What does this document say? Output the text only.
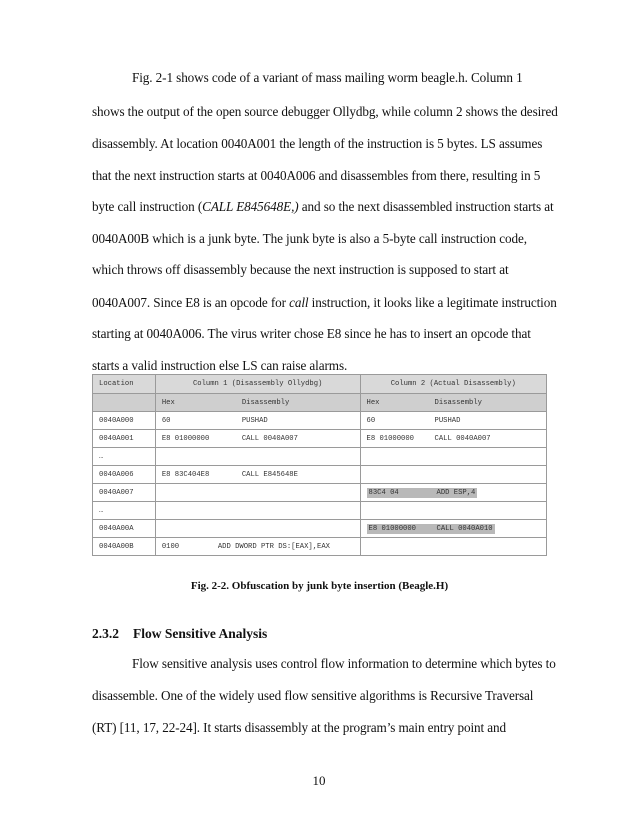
Fig. 2-1 shows code of a variant of mass mailing worm beagle.h. Column 1
shows the output of the open source debugger Ollydbg, while column 2 shows the desired
disassembly. At location 0040A001 the length of the instruction is 5 bytes. LS assumes
that the next instruction starts at 0040A006 and disassembles from there, resulting in 5
byte call instruction (CALL E845648E,) and so the next disassembled instruction starts at
0040A00B which is a junk byte. The junk byte is also a 5-byte call instruction code,
which throws off disassembly because the next instruction is supposed to start at
0040A007. Since E8 is an opcode for call instruction, it looks like a legitimate instruction
starting at 0040A006. The virus writer chose E8 since he has to insert an opcode that
starts a valid instruction else LS can raise alarms.
Location	Column 1 (Disassembly Ollydbg)	Column 2 (Actual Disassembly)

	Hex Disassembly	Hex Disassembly

0040A000	60 PUSHAD	60 PUSHAD

0040A001	E8 01000000 CALL 0040A007	E8 01000000 CALL 0040A007

…		
0040A006	E8 83C404E8 CALL E845648E	

0040A007		83C4 04 ADD ESP,4

…		
0040A00A		E8 01000000 CALL 0040A010

0040A00B	0100 ADD DWORD PTR DS:[EAX],EAX	

Fig. 2-2. Obfuscation by junk byte insertion (Beagle.H)
2.3.2 Flow Sensitive Analysis
Flow sensitive analysis uses control flow information to determine which bytes to
disassemble. One of the widely used flow sensitive algorithms is Recursive Traversal
(RT) [11, 17, 22-24]. It starts disassembly at the program’s main entry point and
10
